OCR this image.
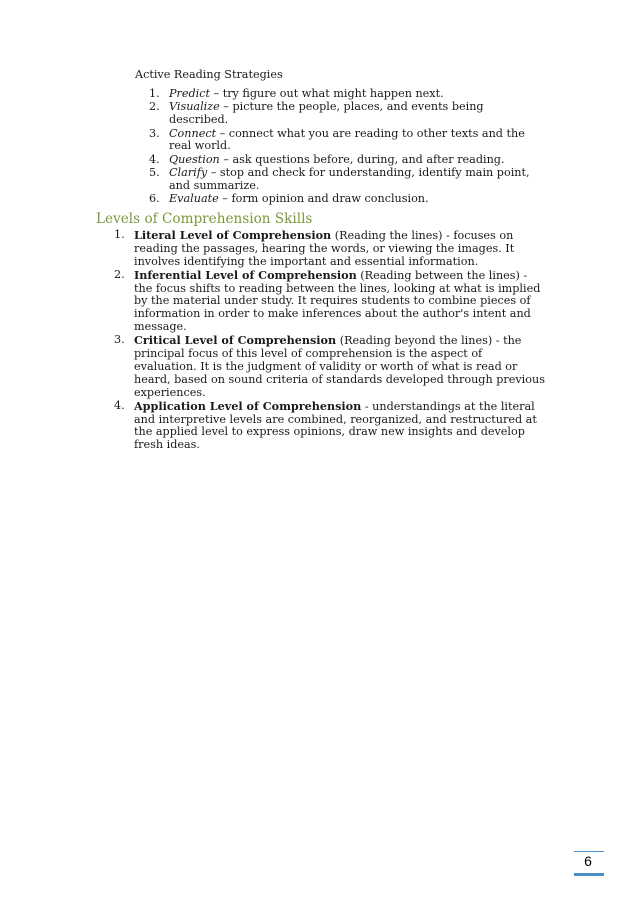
Active Reading Strategies
1. Predict – try figure out what might happen next.
2. Visualize – picture the people, places, and events being described.
3. Connect – connect what you are reading to other texts and the real world.
4. Question – ask questions before, during, and after reading.
5. Clarify – stop and check for understanding, identify main point, and summarize.
6. Evaluate – form opinion and draw conclusion.
Levels of Comprehension Skills
1. Literal Level of Comprehension (Reading the lines) - focuses on reading the passages, hearing the words, or viewing the images. It involves identifying the important and essential information.
2. Inferential Level of Comprehension (Reading between the lines) - the focus shifts to reading between the lines, looking at what is implied by the material under study. It requires students to combine pieces of information in order to make inferences about the author's intent and message.
3. Critical Level of Comprehension (Reading beyond the lines) - the principal focus of this level of comprehension is the aspect of evaluation. It is the judgment of validity or worth of what is read or heard, based on sound criteria of standards developed through previous experiences.
4. Application Level of Comprehension - understandings at the literal and interpretive levels are combined, reorganized, and restructured at the applied level to express opinions, draw new insights and develop fresh ideas.
6
